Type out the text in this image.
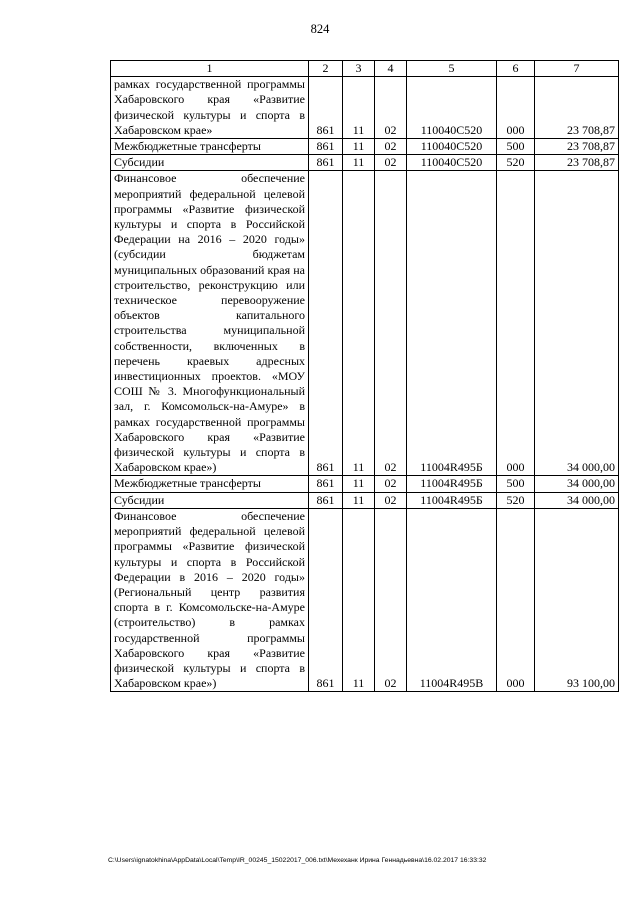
824
1	2	3	4	5	6	7
рамках государственной программы Хабаровского края «Развитие физической культуры и спорта в Хабаровском крае»	861	11	02	110040С520	000	23 708,87
Межбюджетные трансферты	861	11	02	110040С520	500	23 708,87
Субсидии	861	11	02	110040С520	520	23 708,87
Финансовое обеспечение мероприятий федеральной целевой программы «Развитие физической культуры и спорта в Российской Федерации на 2016 – 2020 годы» (субсидии бюджетам муниципальных образований края на строительство, реконструкцию или техническое перевооружение объектов капитального строительства муниципальной собственности, включенных в перечень краевых адресных инвестиционных проектов. «МОУ СОШ № 3. Многофункциональный зал, г. Комсомольск-на-Амуре» в рамках государственной программы Хабаровского края «Развитие физической культуры и спорта в Хабаровском крае»)	861	11	02	11004R495Б	000	34 000,00
Межбюджетные трансферты	861	11	02	11004R495Б	500	34 000,00
Субсидии	861	11	02	11004R495Б	520	34 000,00
Финансовое обеспечение мероприятий федеральной целевой программы «Развитие физической культуры и спорта в Российской Федерации в 2016 – 2020 годы» (Региональный центр развития спорта в г. Комсомольске-на-Амуре (строительство) в рамках государственной программы Хабаровского края «Развитие физической культуры и спорта в Хабаровском крае»)	861	11	02	11004R495В	000	93 100,00
C:\Users\ignatokhina\AppData\Local\Temp\IR_00245_15022017_006.txt\Мехеханк Ирина Геннадьевна\16.02.2017 16:33:32
